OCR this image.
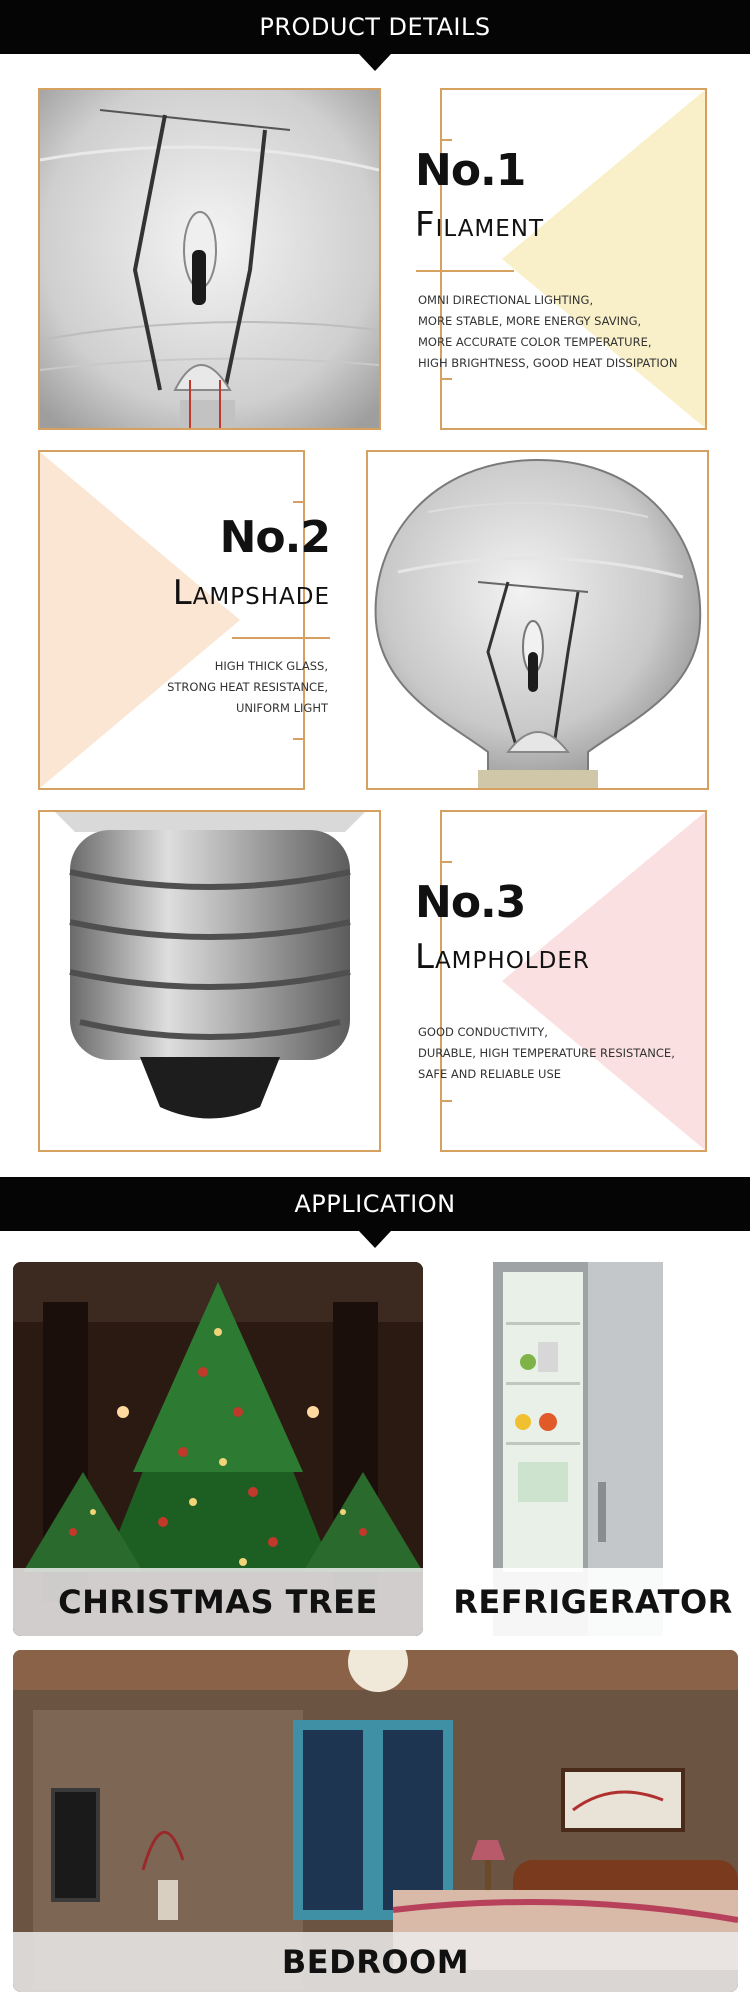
PRODUCT DETAILS
No.1
FILAMENT
OMNI DIRECTIONAL LIGHTING,
MORE STABLE, MORE ENERGY SAVING,
MORE ACCURATE COLOR TEMPERATURE,
HIGH BRIGHTNESS, GOOD HEAT DISSIPATION
No.2
LAMPSHADE
HIGH THICK GLASS,
STRONG HEAT RESISTANCE,
UNIFORM LIGHT
No.3
LAMPHOLDER
GOOD CONDUCTIVITY,
DURABLE, HIGH TEMPERATURE RESISTANCE,
SAFE AND RELIABLE USE
APPLICATION
CHRISTMAS TREE REFRIGERATOR
BEDROOM
